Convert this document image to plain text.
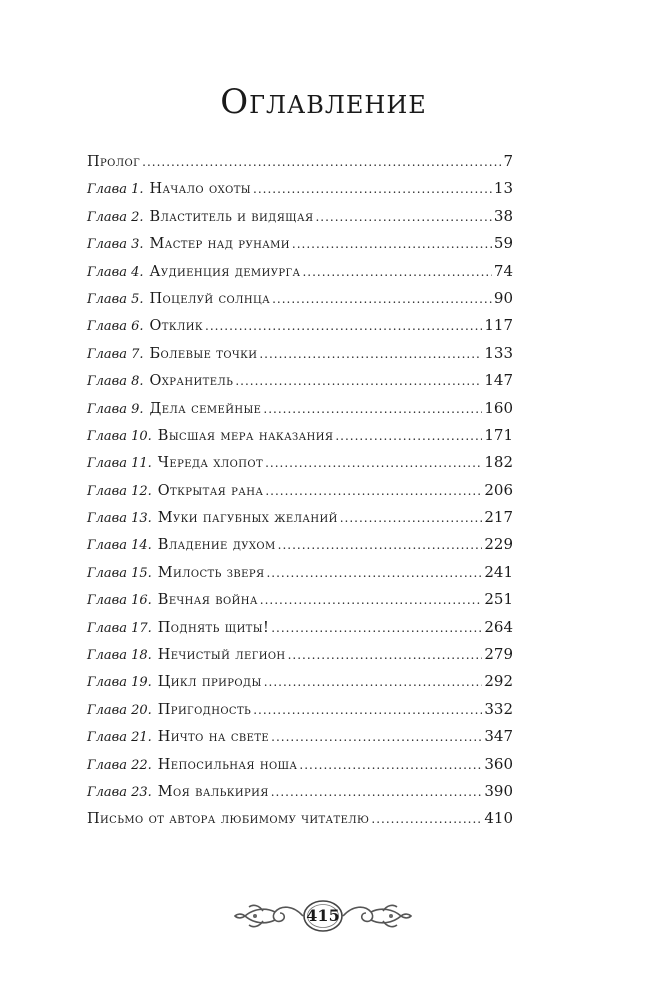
Оглавление
Пролог .....	7
Глава 1. Начало охоты .....	13
Глава 2. Властитель и видящая .....	38
Глава 3. Мастер над рунами .....	59
Глава 4. Аудиенция демиурга .....	74
Глава 5. Поцелуй солнца .....	90
Глава 6. Отклик .....	117
Глава 7. Болевые точки .....	133
Глава 8. Охранитель .....	147
Глава 9. Дела семейные .....	160
Глава 10. Высшая мера наказания .....	171
Глава 11. Череда хлопот .....	182
Глава 12. Открытая рана .....	206
Глава 13. Муки пагубных желаний .....	217
Глава 14. Владение духом .....	229
Глава 15. Милость зверя .....	241
Глава 16. Вечная война .....	251
Глава 17. Поднять щиты! .....	264
Глава 18. Нечистый легион .....	279
Глава 19. Цикл природы .....	292
Глава 20. Пригодность .....	332
Глава 21. Ничто на свете .....	347
Глава 22. Непосильная ноша .....	360
Глава 23. Моя валькирия .....	390
Письмо от автора любимому читателю .....	410
415
